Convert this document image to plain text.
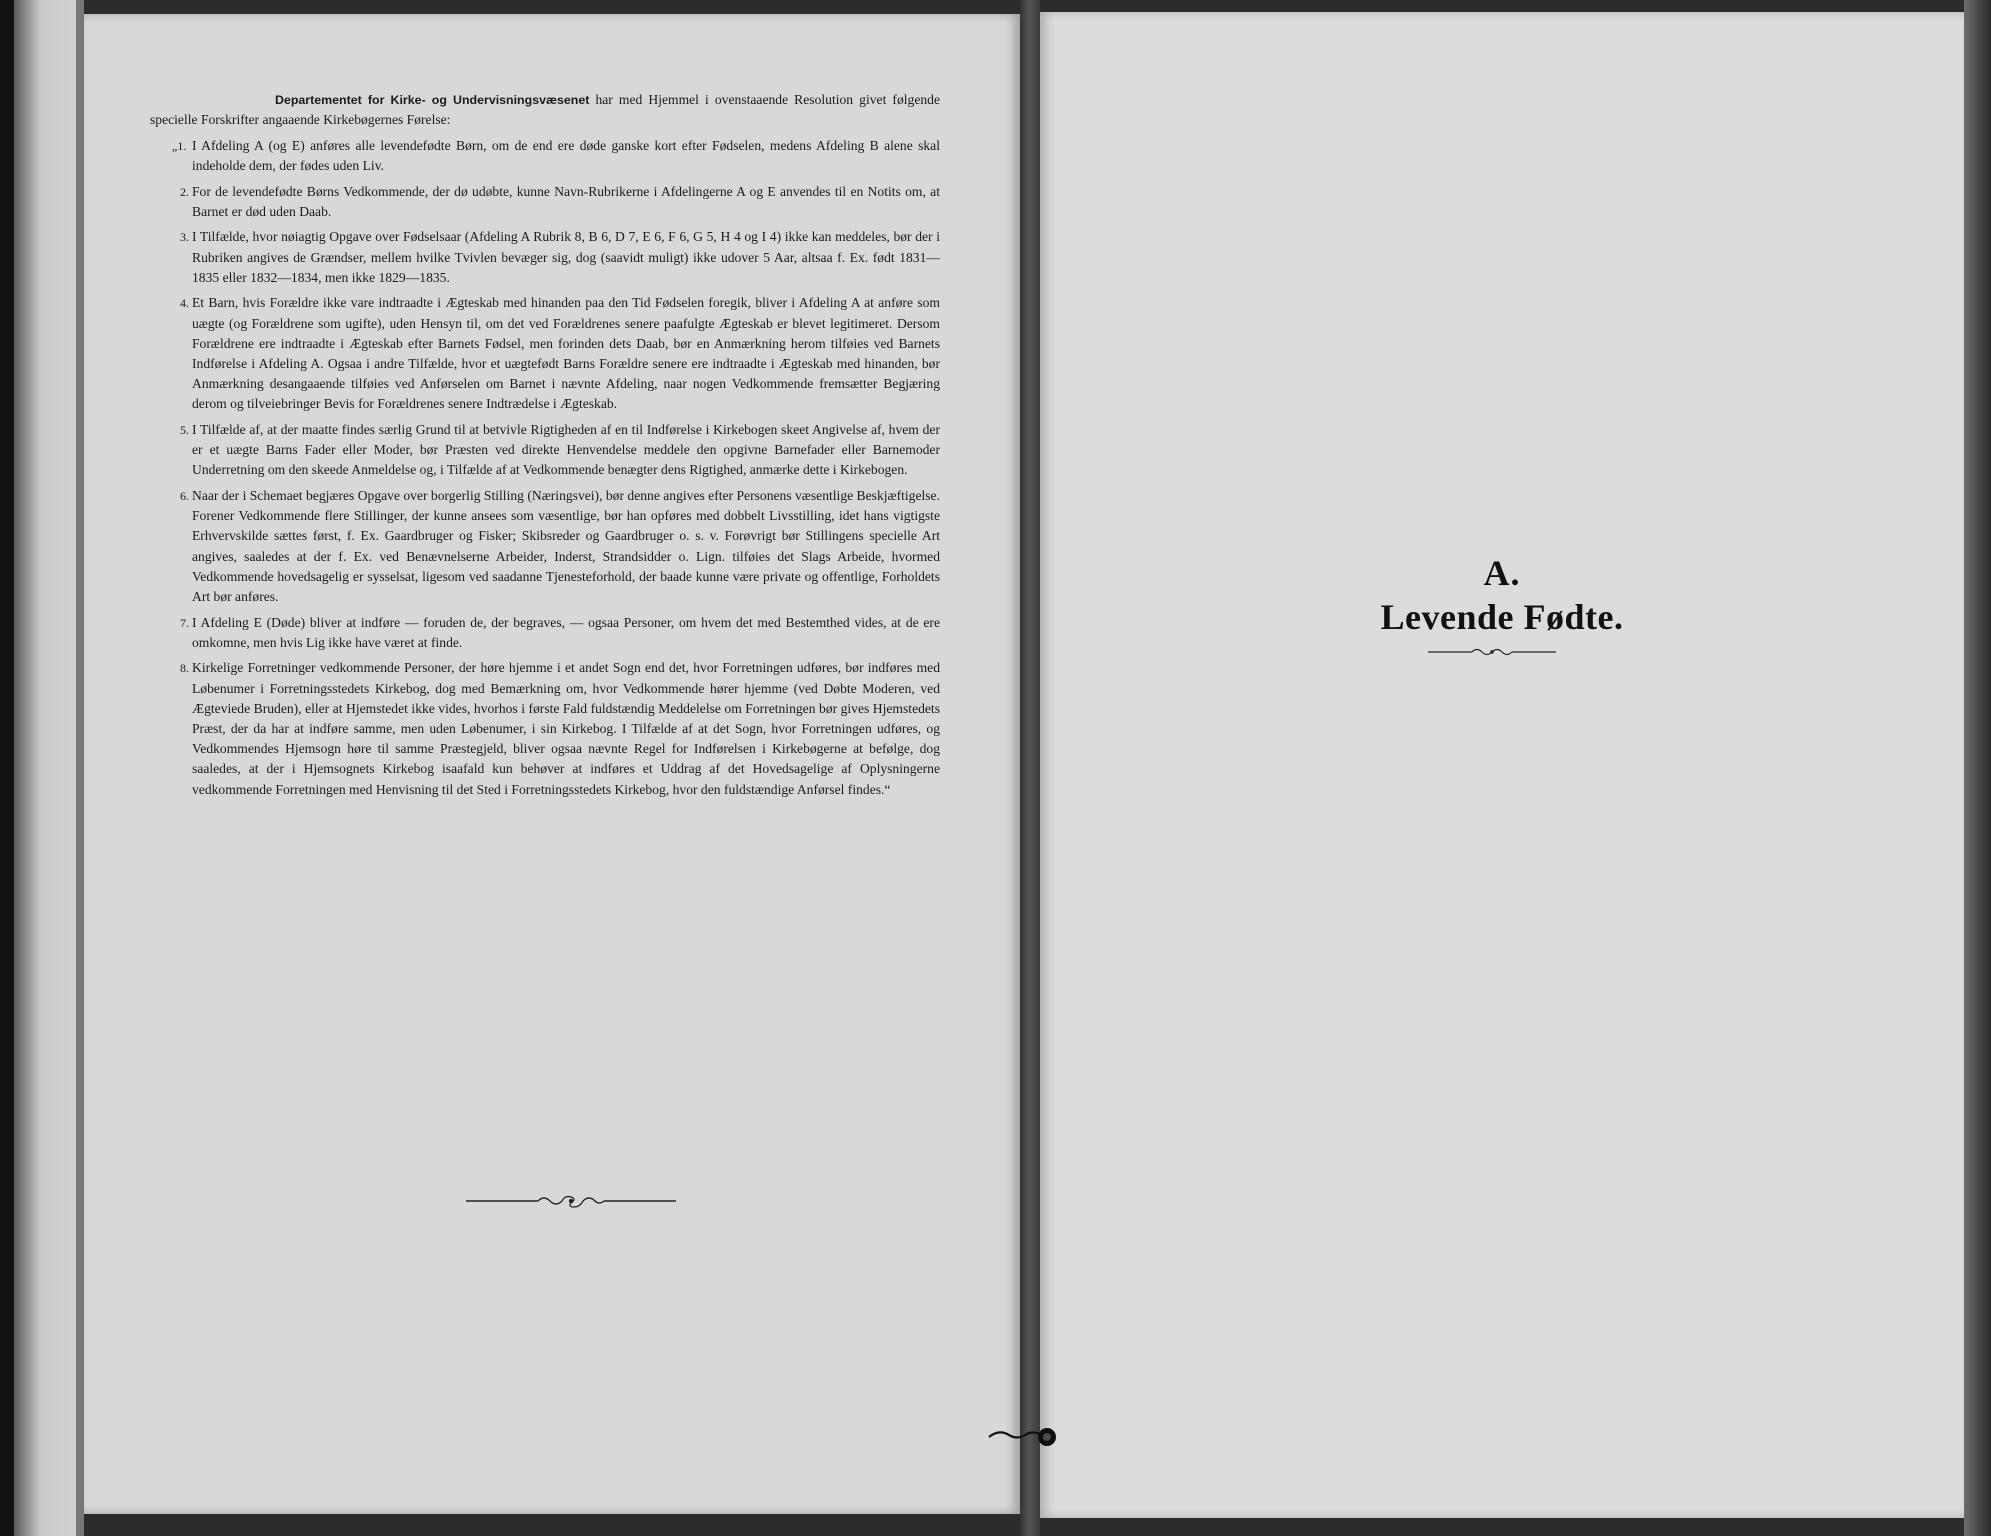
Departementet for Kirke- og Undervisningsvæsenet har med Hjemmel i ovenstaaende Resolution givet følgende specielle Forskrifter angaaende Kirkebøgernes Førelse:

„1. I Afdeling A (og E) anføres alle levendefødte Børn, om de end ere døde ganske kort efter Fødselen, medens Afdeling B alene skal indeholde dem, der fødes uden Liv.
2. For de levendefødte Børns Vedkommende, der dø udøbte, kunne Navn-Rubrikerne i Afdelingerne A og E anvendes til en Notits om, at Barnet er død uden Daab.
3. I Tilfælde, hvor nøiagtig Opgave over Fødselsaar (Afdeling A Rubrik 8, B 6, D 7, E 6, F 6, G 5, H 4 og I 4) ikke kan meddeles, bør der i Rubriken angives de Grændser, mellem hvilke Tvivlen bevæger sig, dog (saavidt muligt) ikke udover 5 Aar, altsaa f. Ex. født 1831—1835 eller 1832—1834, men ikke 1829—1835.
4. Et Barn, hvis Forældre ikke vare indtraadte i Ægteskab med hinanden paa den Tid Fødselen foregik, bliver i Afdeling A at anføre som uægte (og Forældrene som ugifte), uden Hensyn til, om det ved Forældrenes senere paafulgte Ægteskab er blevet legitimeret. Dersom Forældrene ere indtraadte i Ægteskab efter Barnets Fødsel, men forinden dets Daab, bør en Anmærkning herom tilføies ved Barnets Indførelse i Afdeling A. Ogsaa i andre Tilfælde, hvor et uægtefødt Barns Forældre senere ere indtraadte i Ægteskab med hinanden, bør Anmærkning desangaaende tilføies ved Anførselen om Barnet i nævnte Afdeling, naar nogen Vedkommende fremsætter Begjæring derom og tilveiebringer Bevis for Forældrenes senere Indtrædelse i Ægteskab.
5. I Tilfælde af, at der maatte findes særlig Grund til at betvivle Rigtigheden af en til Indførelse i Kirkebogen skeet Angivelse af, hvem der er et uægte Barns Fader eller Moder, bør Præsten ved direkte Henvendelse meddele den opgivne Barnefader eller Barnemoder Underretning om den skeede Anmeldelse og, i Tilfælde af at Vedkommende benægter dens Rigtighed, anmærke dette i Kirkebogen.
6. Naar der i Schemaet begjæres Opgave over borgerlig Stilling (Næringsvei), bør denne angives efter Personens væsentlige Beskjæftigelse. Forener Vedkommende flere Stillinger, der kunne ansees som væsentlige, bør han opføres med dobbelt Livsstilling, idet hans vigtigste Erhvervskilde sættes først, f. Ex. Gaardbruger og Fisker; Skibsreder og Gaardbruger o. s. v. Forøvrigt bør Stillingens specielle Art angives, saaledes at der f. Ex. ved Benævnelserne Arbeider, Inderst, Strandsidder o. Lign. tilføies det Slags Arbeide, hvormed Vedkommende hovedsagelig er sysselsat, ligesom ved saadanne Tjenesteforhold, der baade kunne være private og offentlige, Forholdets Art bør anføres.
7. I Afdeling E (Døde) bliver at indføre — foruden de, der begraves, — ogsaa Personer, om hvem det med Bestemthed vides, at de ere omkomne, men hvis Lig ikke have været at finde.
8. Kirkelige Forretninger vedkommende Personer, der høre hjemme i et andet Sogn end det, hvor Forretningen udføres, bør indføres med Løbenumer i Forretningsstedets Kirkebog, dog med Bemærkning om, hvor Vedkommende hører hjemme (ved Døbte Moderen, ved Ægteviede Bruden), eller at Hjemstedet ikke vides, hvorhos i første Fald fuldstændig Meddelelse om Forretningen bør gives Hjemstedets Præst, der da har at indføre samme, men uden Løbenumer, i sin Kirkebog. I Tilfælde af at det Sogn, hvor Forretningen udføres, og Vedkommendes Hjemsogn høre til samme Præstegjeld, bliver ogsaa nævnte Regel for Indførelsen i Kirkebøgerne at befølge, dog saaledes, at der i Hjemsognets Kirkebog isaafald kun behøver at indføres et Uddrag af det Hovedsagelige af Oplysningerne vedkommende Forretningen med Henvisning til det Sted i Forretningsstedets Kirkebog, hvor den fuldstændige Anførsel findes.“
A.
Levende Fødte.
